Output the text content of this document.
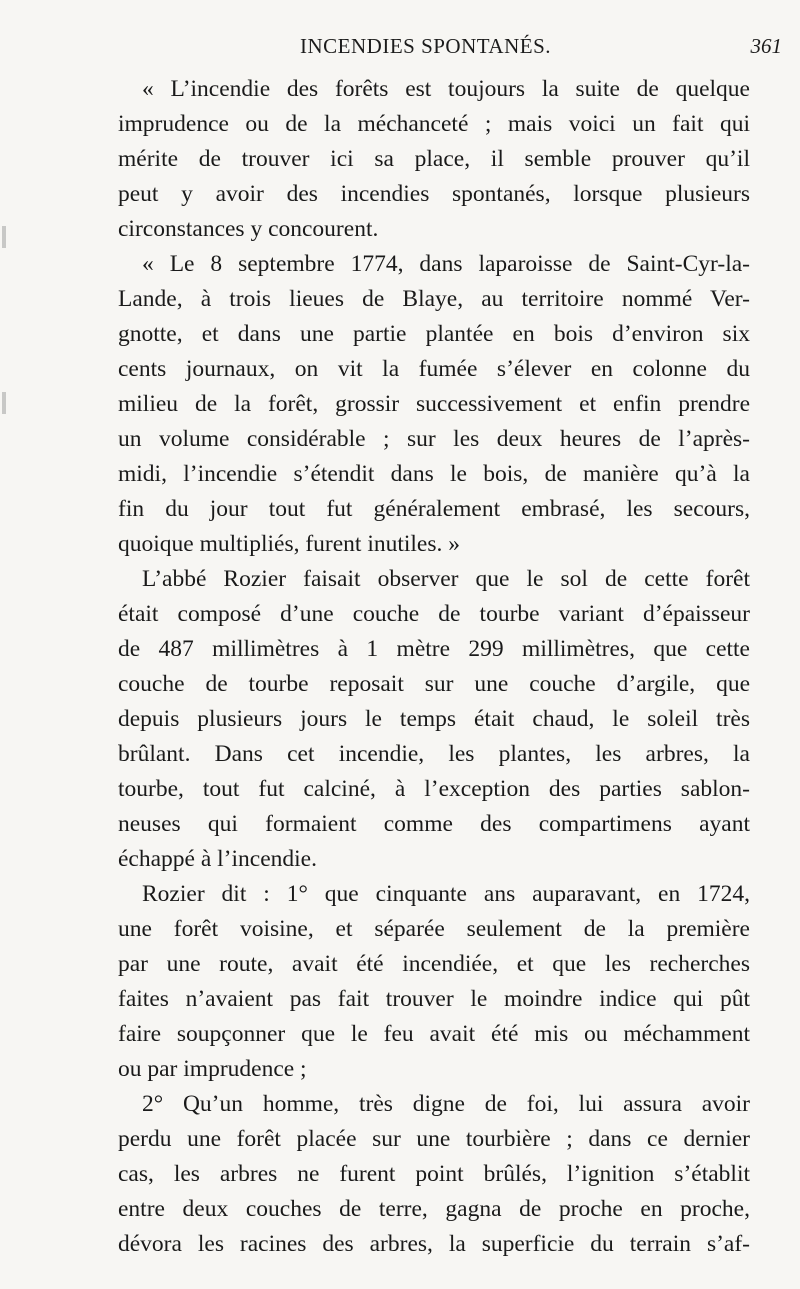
INCENDIES SPONTANÉS.	361
« L’incendie des forêts est toujours la suite de quelque
imprudence ou de la méchanceté ; mais voici un fait qui
mérite de trouver ici sa place, il semble prouver qu’il
peut y avoir des incendies spontanés, lorsque plusieurs
circonstances y concourent.
« Le 8 septembre 1774, dans laparoisse de Saint-Cyr-la-
Lande, à trois lieues de Blaye, au territoire nommé Ver-
gnotte, et dans une partie plantée en bois d’environ six
cents journaux, on vit la fumée s’élever en colonne du
milieu de la forêt, grossir successivement et enfin prendre
un volume considérable ; sur les deux heures de l’après-
midi, l’incendie s’étendit dans le bois, de manière qu’à la
fin du jour tout fut généralement embrasé, les secours,
quoique multipliés, furent inutiles. »
L’abbé Rozier faisait observer que le sol de cette forêt
était composé d’une couche de tourbe variant d’épaisseur
de 487 millimètres à 1 mètre 299 millimètres, que cette
couche de tourbe reposait sur une couche d’argile, que
depuis plusieurs jours le temps était chaud, le soleil très
brûlant. Dans cet incendie, les plantes, les arbres, la
tourbe, tout fut calciné, à l’exception des parties sablon-
neuses qui formaient comme des compartimens ayant
échappé à l’incendie.
Rozier dit : 1° que cinquante ans auparavant, en 1724,
une forêt voisine, et séparée seulement de la première
par une route, avait été incendiée, et que les recherches
faites n’avaient pas fait trouver le moindre indice qui pût
faire soupçonner que le feu avait été mis ou méchamment
ou par imprudence ;
2° Qu’un homme, très digne de foi, lui assura avoir
perdu une forêt placée sur une tourbière ; dans ce dernier
cas, les arbres ne furent point brûlés, l’ignition s’établit
entre deux couches de terre, gagna de proche en proche,
dévora les racines des arbres, la superficie du terrain s’af-
